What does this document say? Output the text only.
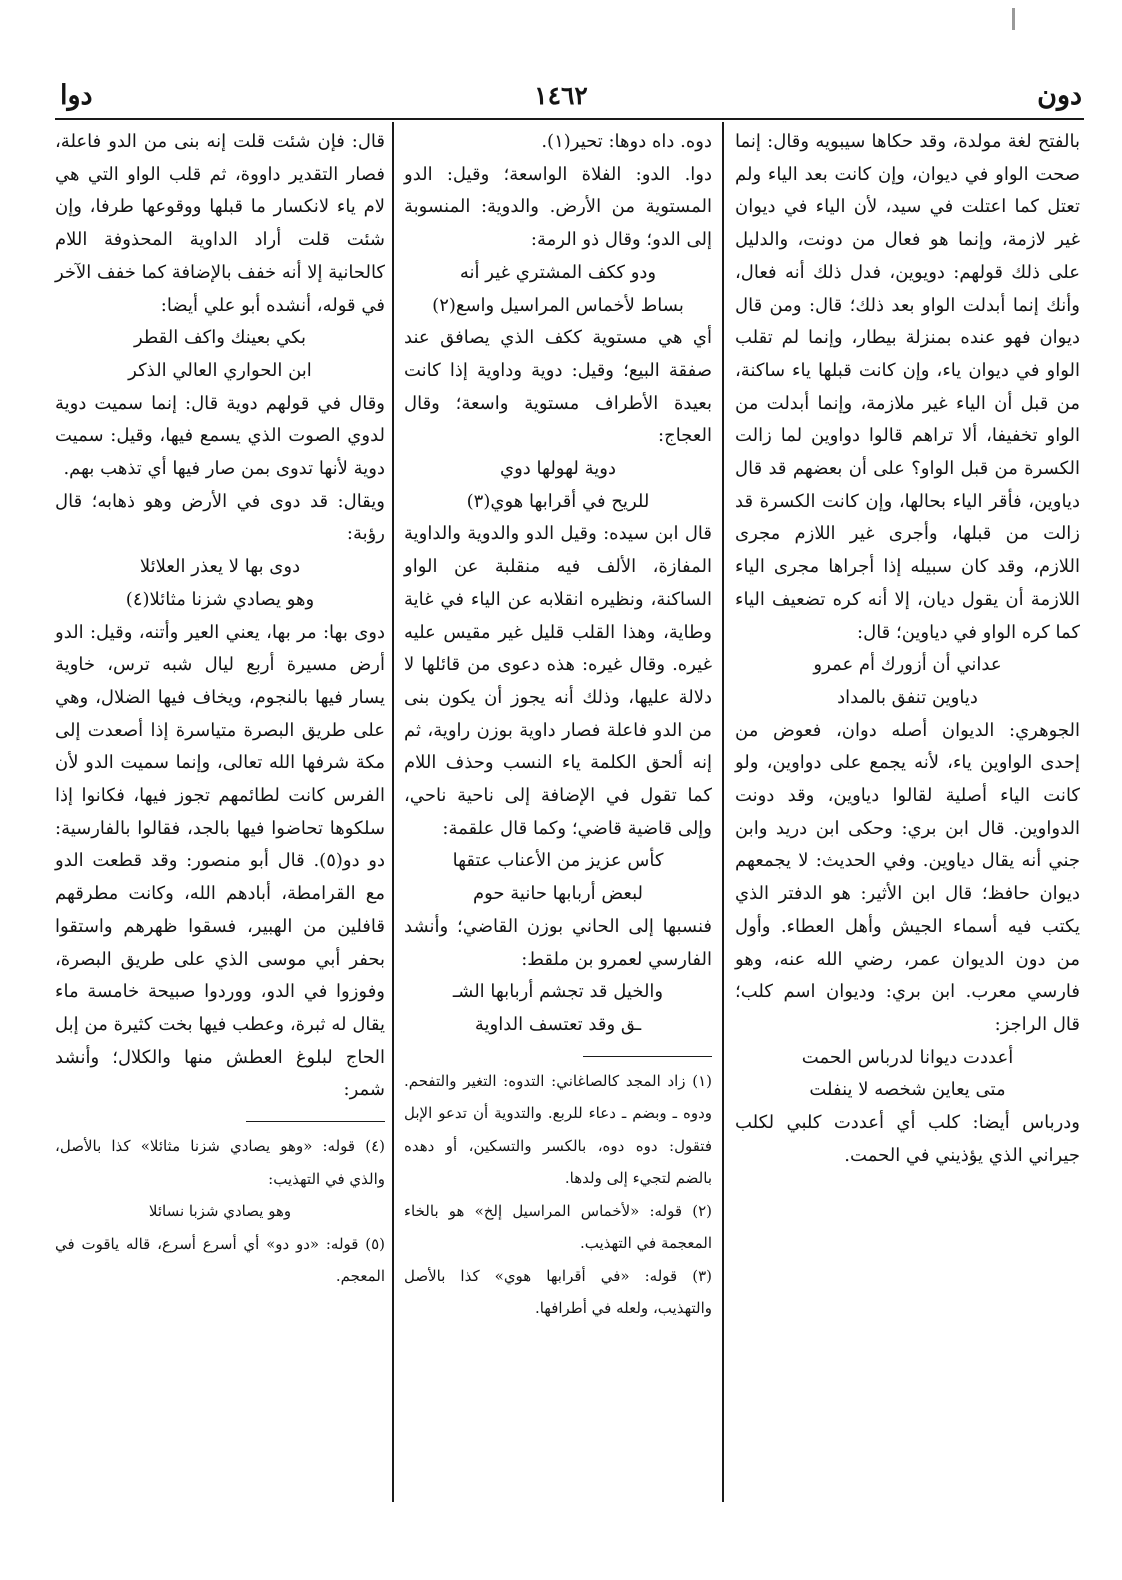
دون
١٤٦٢
دوا

بالفتح لغة مولدة، وقد حكاها سيبويه وقال: إنما صحت الواو في ديوان، وإن كانت بعد الياء ولم تعتل كما اعتلت في سيد، لأن الياء في ديوان غير لازمة، وإنما هو فعال من دونت، والدليل على ذلك قولهم: دويوين، فدل ذلك أنه فعال، وأنك إنما أبدلت الواو بعد ذلك؛ قال: ومن قال ديوان فهو عنده بمنزلة بيطار، وإنما لم تقلب الواو في ديوان ياء، وإن كانت قبلها ياء ساكنة، من قبل أن الياء غير ملازمة، وإنما أبدلت من الواو تخفيفا، ألا تراهم قالوا دواوين لما زالت الكسرة من قبل الواو؟ على أن بعضهم قد قال دياوين، فأقر الياء بحالها، وإن كانت الكسرة قد زالت من قبلها، وأجرى غير اللازم مجرى اللازم، وقد كان سبيله إذا أجراها مجرى الياء اللازمة أن يقول ديان، إلا أنه كره تضعيف الياء كما كره الواو في دياوين؛ قال:

عداني أن أزورك أم عمرو

دياوين تنفق بالمداد

الجوهري: الديوان أصله دوان، فعوض من إحدى الواوين ياء، لأنه يجمع على دواوين، ولو كانت الياء أصلية لقالوا دياوين، وقد دونت الدواوين. قال ابن بري: وحكى ابن دريد وابن جني أنه يقال دياوين. وفي الحديث: لا يجمعهم ديوان حافظ؛ قال ابن الأثير: هو الدفتر الذي يكتب فيه أسماء الجيش وأهل العطاء. وأول من دون الديوان عمر، رضي الله عنه، وهو فارسي معرب. ابن بري: وديوان اسم كلب؛ قال الراجز:

أعددت ديوانا لدرباس الحمت

متى يعاين شخصه لا ينفلت

ودرباس أيضا: كلب أي أعددت كلبي لكلب جيراني الذي يؤذيني في الحمت.

دوه. داه دوها: تحير(١).

دوا. الدو: الفلاة الواسعة؛ وقيل: الدو المستوية من الأرض. والدوية: المنسوبة إلى الدو؛ وقال ذو الرمة:

ودو ككف المشتري غير أنه

بساط لأخماس المراسيل واسع(٢)

أي هي مستوية ككف الذي يصافق عند صفقة البيع؛ وقيل: دوية وداوية إذا كانت بعيدة الأطراف مستوية واسعة؛ وقال العجاج:

دوية لهولها دوي

للريح في أقرابها هوي(٣)

قال ابن سيده: وقيل الدو والدوية والداوية المفازة، الألف فيه منقلبة عن الواو الساكنة، ونظيره انقلابه عن الياء في غاية وطاية، وهذا القلب قليل غير مقيس عليه غيره. وقال غيره: هذه دعوى من قائلها لا دلالة عليها، وذلك أنه يجوز أن يكون بنى من الدو فاعلة فصار داوية بوزن راوية، ثم إنه ألحق الكلمة ياء النسب وحذف اللام كما تقول في الإضافة إلى ناحية ناحي، وإلى قاضية قاضي؛ وكما قال علقمة:

كأس عزيز من الأعناب عتقها

لبعض أربابها حانية حوم

فنسبها إلى الحاني بوزن القاضي؛ وأنشد الفارسي لعمرو بن ملقط:

والخيل قد تجشم أربابها الشـ

ـق وقد تعتسف الداوية

(١) زاد المجد كالصاغاني: التدوه: التغير والتفحم. ودوه ـ وبضم ـ دعاء للربع. والتدوية أن تدعو الإبل فتقول: دوه دوه، بالكسر والتسكين، أو دهده بالضم لتجيء إلى ولدها.

(٢) قوله: «لأخماس المراسيل إلخ» هو بالخاء المعجمة في التهذيب.

(٣) قوله: «في أقرابها هوي» كذا بالأصل والتهذيب، ولعله في أطرافها.

قال: فإن شئت قلت إنه بنى من الدو فاعلة، فصار التقدير داووة، ثم قلب الواو التي هي لام ياء لانكسار ما قبلها ووقوعها طرفا، وإن شئت قلت أراد الداوية المحذوفة اللام كالحانية إلا أنه خفف بالإضافة كما خفف الآخر في قوله، أنشده أبو علي أيضا:

بكي بعينك واكف القطر

ابن الحواري العالي الذكر

وقال في قولهم دوية قال: إنما سميت دوية لدوي الصوت الذي يسمع فيها، وقيل: سميت دوية لأنها تدوى بمن صار فيها أي تذهب بهم.

ويقال: قد دوى في الأرض وهو ذهابه؛ قال رؤبة:

دوى بها لا يعذر العلائلا

وهو يصادي شزنا مثائلا(٤)

دوى بها: مر بها، يعني العير وأتنه، وقيل: الدو أرض مسيرة أربع ليال شبه ترس، خاوية يسار فيها بالنجوم، ويخاف فيها الضلال، وهي على طريق البصرة متياسرة إذا أصعدت إلى مكة شرفها الله تعالى، وإنما سميت الدو لأن الفرس كانت لطائمهم تجوز فيها، فكانوا إذا سلكوها تحاضوا فيها بالجد، فقالوا بالفارسية: دو دو(٥). قال أبو منصور: وقد قطعت الدو مع القرامطة، أبادهم الله، وكانت مطرقهم قافلين من الهبير، فسقوا ظهرهم واستقوا بحفر أبي موسى الذي على طريق البصرة، وفوزوا في الدو، ووردوا صبيحة خامسة ماء يقال له ثبرة، وعطب فيها بخت كثيرة من إبل الحاج لبلوغ العطش منها والكلال؛ وأنشد شمر:

(٤) قوله: «وهو يصادي شزنا مثائلا» كذا بالأصل، والذي في التهذيب:

وهو يصادي شزبا نسائلا

(٥) قوله: «دو دو» أي أسرع أسرع، قاله ياقوت في المعجم.
